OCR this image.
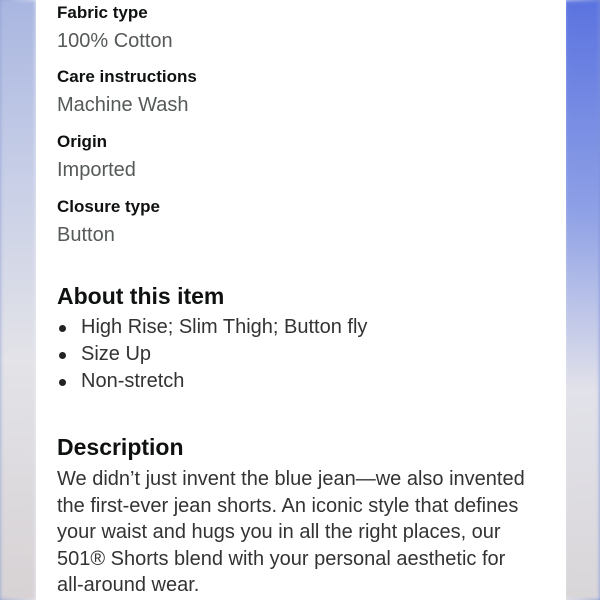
Fabric type
100% Cotton
Care instructions
Machine Wash
Origin
Imported
Closure type
Button
About this item
High Rise; Slim Thigh; Button fly
Size Up
Non-stretch
Description

We didn’t just invent the blue jean—we also invented
the first-ever jean shorts. An iconic style that defines
your waist and hugs you in all the right places, our
501® Shorts blend with your personal aesthetic for
all-around wear.
